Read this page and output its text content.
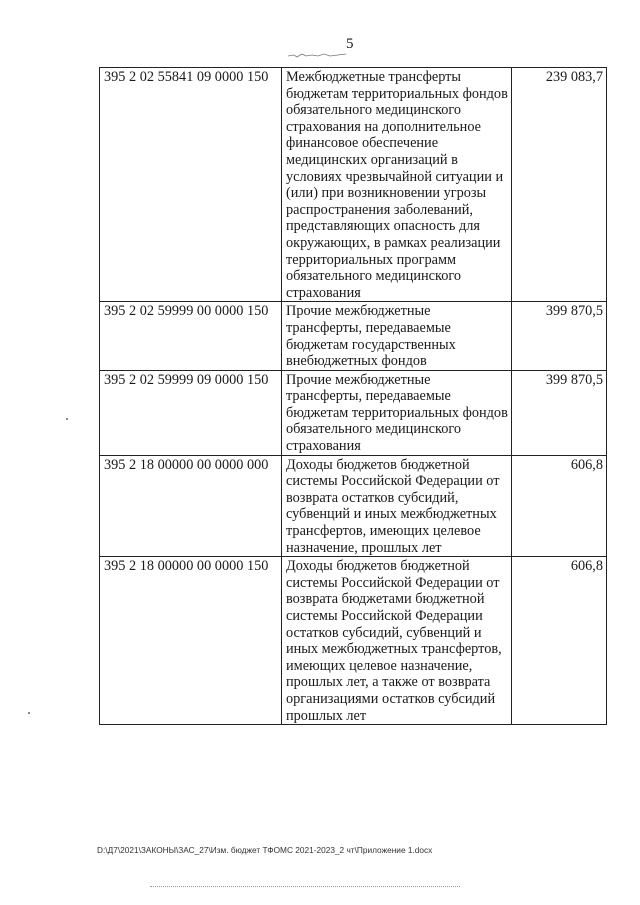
5
395 2 02 55841 09 0000 150	Межбюджетные трансферты бюджетам территориальных фондов обязательного медицинского страхования на дополнительное финансовое обеспечение медицинских организаций в условиях чрезвычайной ситуации и (или) при возникновении угрозы распространения заболеваний, представляющих опасность для окружающих, в рамках реализации территориальных программ обязательного медицинского страхования	239 083,7
395 2 02 59999 00 0000 150	Прочие межбюджетные трансферты, передаваемые бюджетам государственных внебюджетных фондов	399 870,5
395 2 02 59999 09 0000 150	Прочие межбюджетные трансферты, передаваемые бюджетам территориальных фондов обязательного медицинского страхования	399 870,5
395 2 18 00000 00 0000 000	Доходы бюджетов бюджетной системы Российской Федерации от возврата остатков субсидий, субвенций и иных межбюджетных трансфертов, имеющих целевое назначение, прошлых лет	606,8
395 2 18 00000 00 0000 150	Доходы бюджетов бюджетной системы Российской Федерации от возврата бюджетами бюджетной системы Российской Федерации остатков субсидий, субвенций и иных межбюджетных трансфертов, имеющих целевое назначение, прошлых лет, а также от возврата организациями остатков субсидий прошлых лет	606,8
D:\Д7\2021\ЗАКОНЫ\ЗАС_27\Изм. бюджет ТФОМС 2021-2023_2 чт\Приложение 1.docx
